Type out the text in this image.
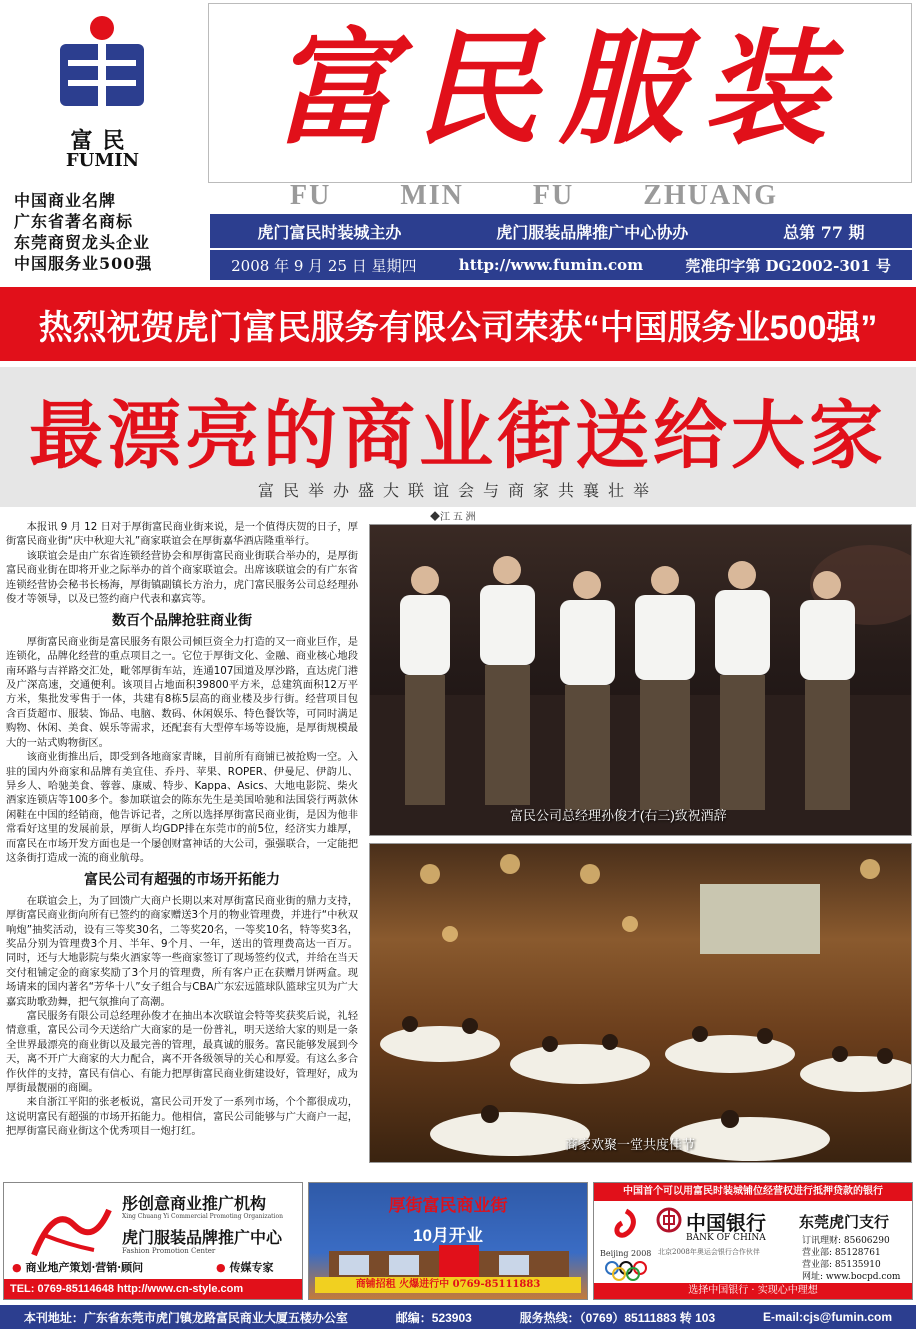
富民
FUMIN
中国商业名牌
广东省著名商标
东莞商贸龙头企业
中国服务业500强
富民服装
FU MIN FU ZHUANG
虎门富民时装城主办	虎门服装品牌推广中心协办	总第 77 期
2008 年 9 月 25 日 星期四	http://www.fumin.com	莞准印字第 DG2002-301 号
热烈祝贺虎门富民服务有限公司荣获“中国服务业500强”
最漂亮的商业街送给大家
富民举办盛大联谊会与商家共襄壮举
◆江 五 洲

本报讯 9 月 12 日对于厚街富民商业街来说，是一个值得庆贺的日子，厚街富民商业街“庆中秋迎大礼”商家联谊会在厚街嘉华酒店隆重举行。

该联谊会是由广东省连锁经营协会和厚街富民商业街联合举办的，是厚街富民商业街在即将开业之际举办的首个商家联谊会。出席该联谊会的有广东省连锁经营协会秘书长杨海，厚街镇副镇长方治力，虎门富民服务公司总经理孙俊才等领导，以及已签约商户代表和嘉宾等。

数百个品牌抢驻商业街

厚街富民商业街是富民服务有限公司倾巨资全力打造的又一商业巨作，是连锁化，品牌化经营的重点项目之一。它位于厚街文化、金融、商业核心地段南环路与吉祥路交汇处，毗邻厚街车站，连通107国道及厚沙路，直达虎门港及广深高速，交通便利。该项目占地面积39800平方米，总建筑面积12万平方米，集批发零售于一体，共建有8栋5层高的商业楼及步行街。经营项目包含百货超市、服装、饰品、电脑、数码、休闲娱乐、特色餐饮等，可同时满足购物、休闲、美食、娱乐等需求，还配套有大型停车场等设施，是厚街规模最大的一站式购物街区。

该商业街推出后，即受到各地商家青睐，目前所有商铺已被抢购一空。入驻的国内外商家和品牌有美宜佳、乔丹、苹果、ROPER、伊曼尼、伊韵儿、异乡人、哈驰美食、蓉蓉、康威、特步、Kappa、Asics、大地电影院、柴火酒家连锁店等100多个。参加联谊会的陈东先生是美国哈驰和法国袋行两款休闲鞋在中国的经销商，他告诉记者，之所以选择厚街富民商业街，是因为他非常看好这里的发展前景，厚街人均GDP排在东莞市的前5位，经济实力雄厚，而富民在市场开发方面也是一个屡创财富神话的大公司，强强联合，一定能把这条街打造成一流的商业航母。

富民公司有超强的市场开拓能力

在联谊会上，为了回馈广大商户长期以来对厚街富民商业街的鼎力支持，厚街富民商业街向所有已签约的商家赠送3个月的物业管理费，并进行“中秋双响炮”抽奖活动，设有三等奖30名，二等奖20名，一等奖10名，特等奖3名，奖品分别为管理费3个月、半年、9个月、一年，送出的管理费高达一百万。同时，还与大地影院与柴火酒家等一些商家签订了现场签约仪式，并给在当天交付租铺定金的商家奖励了3个月的管理费，所有客户正在获赠月饼两盒。现场请来的国内著名“芳华十八”女子组合与CBA广东宏远篮球队篮球宝贝为广大嘉宾助歌劲舞，把气氛推向了高潮。

富民服务有限公司总经理孙俊才在抽出本次联谊会特等奖获奖后说，礼轻情意重，富民公司今天送给广大商家的是一份普礼，明天送给大家的则是一条全世界最漂亮的商业街以及最完善的管理，最真诚的服务。富民能够发展到今天，离不开广大商家的大力配合，离不开各级领导的关心和厚爱。有这么多合作伙伴的支持，富民有信心、有能力把厚街富民商业街建设好，管理好，成为厚街最靓丽的商圈。

来自浙江平阳的张老板说，富民公司开发了一系列市场，个个都很成功，这说明富民有超强的市场开拓能力。他相信，富民公司能够与广大商户一起，把厚街富民商业街这个优秀项目一炮打红。

富民公司总经理孙俊才(右三)致祝酒辞
商家欢聚一堂共度佳节
彤创意商业推广机构
Xing Chuang Yi Commercial Promoting Organization
虎门服装品牌推广中心
Fashion Promotion Center
● 商业地产策划·营销·顾问	● 传媒专家
TEL: 0769-85114648 http://www.cn-style.com
厚街富民商业街
10月开业
商铺招租 火爆进行中 0769-85111883
中国首个可以用富民时装城铺位经营权进行抵押贷款的银行
Beijing 2008
中国银行
BANK OF CHINA
东莞虎门支行
北京2008年奥运会银行合作伙伴
订讯理财: 85606290
营业部: 85128761
营业部: 85135910
网址: www.bocpd.com
选择中国银行 · 实现心中理想
本刊地址：广东省东莞市虎门镇龙路富民商业大厦五楼办公室	邮编：523903	服务热线：（0769）85111883 转 103	E-mail:cjs@fumin.com
